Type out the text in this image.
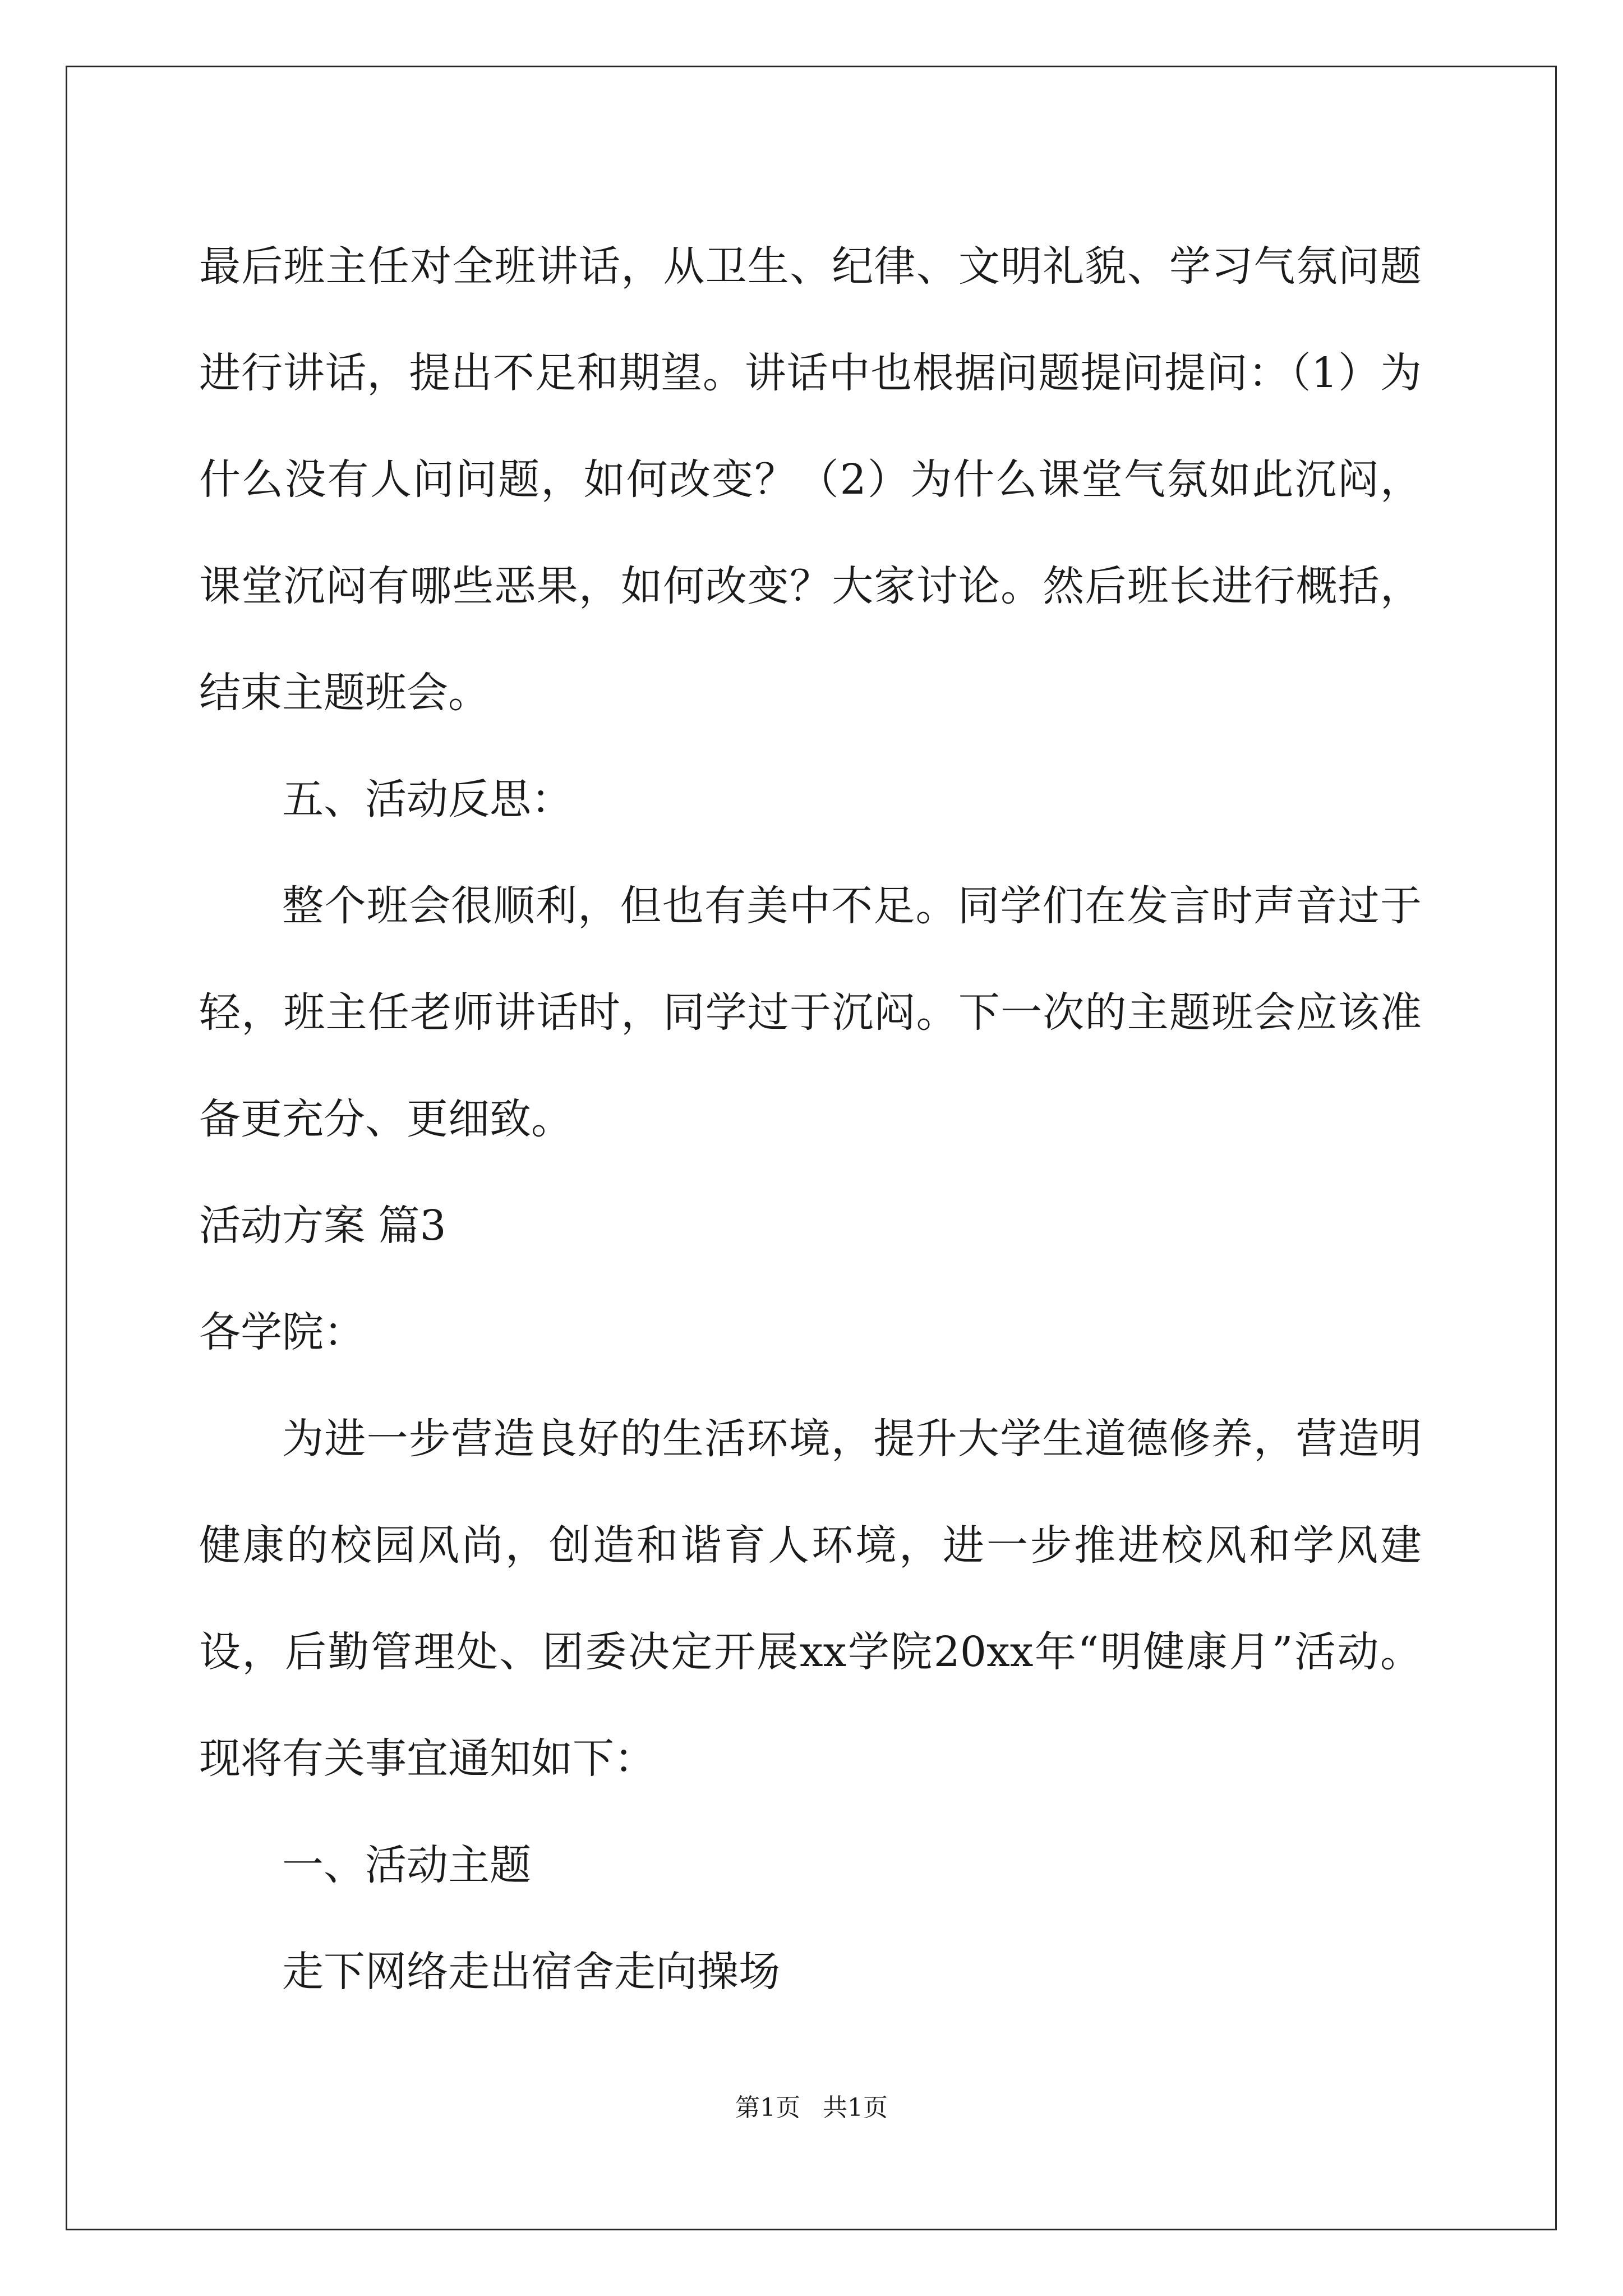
最后班主任对全班讲话，从卫生、纪律、文明礼貌、学习气氛问题进行讲话，提出不足和期望。讲话中也根据问题提问提问：（1）为什么没有人问问题，如何改变？（2）为什么课堂气氛如此沉闷，课堂沉闷有哪些恶果，如何改变？大家讨论。然后班长进行概括，结束主题班会。

五、活动反思：

整个班会很顺利，但也有美中不足。同学们在发言时声音过于轻，班主任老师讲话时，同学过于沉闷。下一次的主题班会应该准备更充分、更细致。

活动方案 篇3

各学院：

为进一步营造良好的生活环境，提升大学生道德修养，营造明健康的校园风尚，创造和谐育人环境，进一步推进校风和学风建设，后勤管理处、团委决定开展xx学院20xx年“明健康月”活动。现将有关事宜通知如下：

一、活动主题

走下网络走出宿舍走向操场

第1页 共1页
